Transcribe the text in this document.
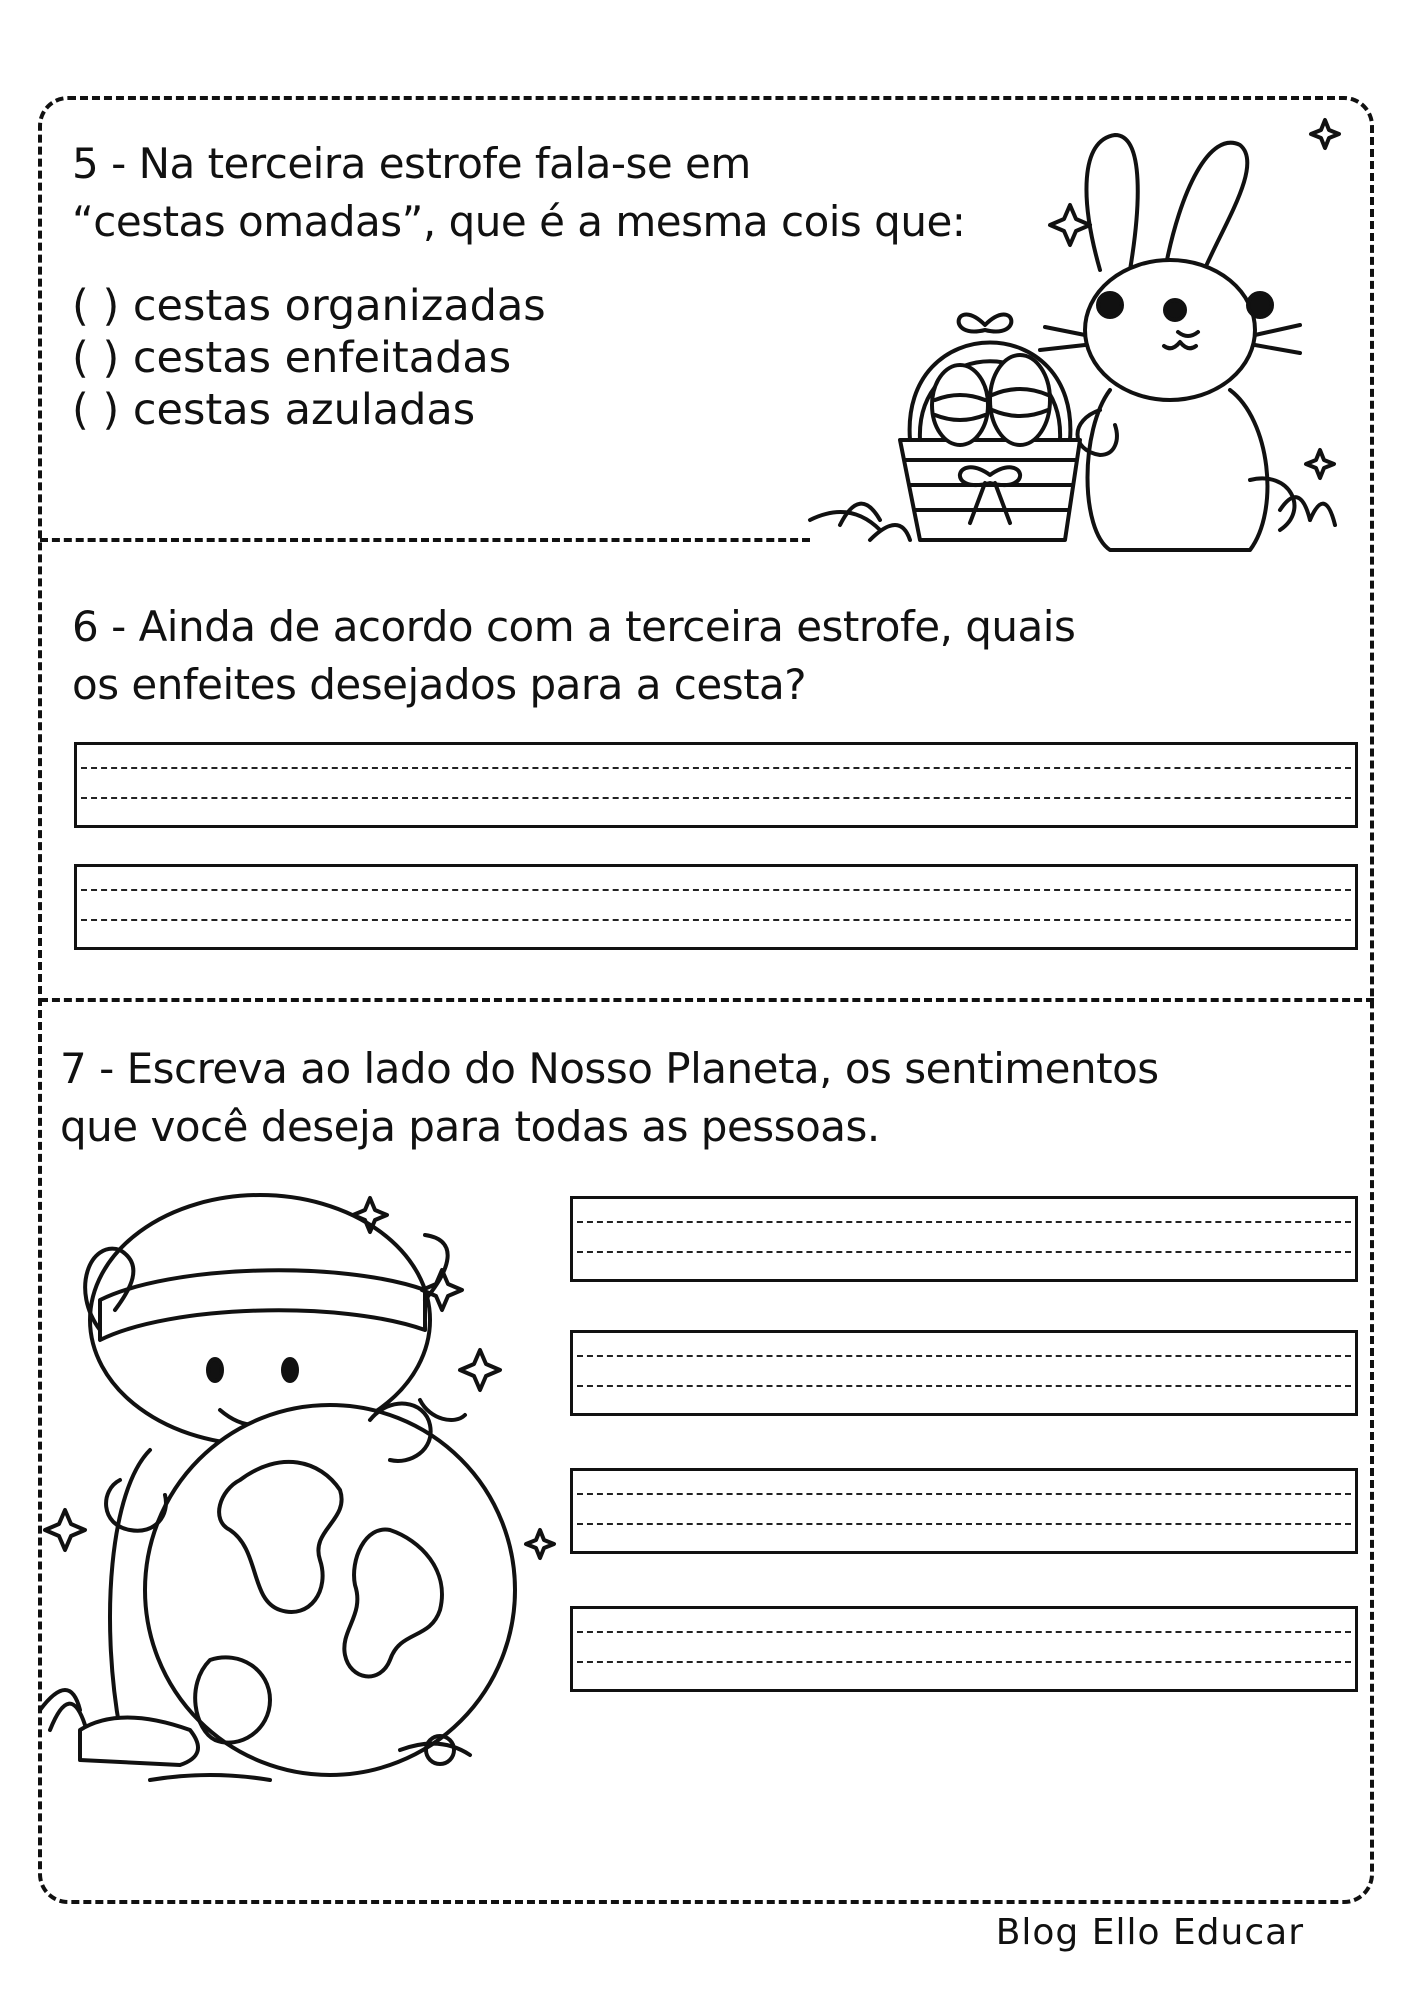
5 - Na terceira estrofe fala-se em
“cestas omadas”, que é a mesma cois que:
( ) cestas organizadas
( ) cestas enfeitadas
( ) cestas azuladas
6 - Ainda de acordo com a terceira estrofe, quais
os enfeites desejados para a cesta?
7 - Escreva ao lado do Nosso Planeta, os sentimentos
que você deseja para todas as pessoas.
Blog Ello Educar
